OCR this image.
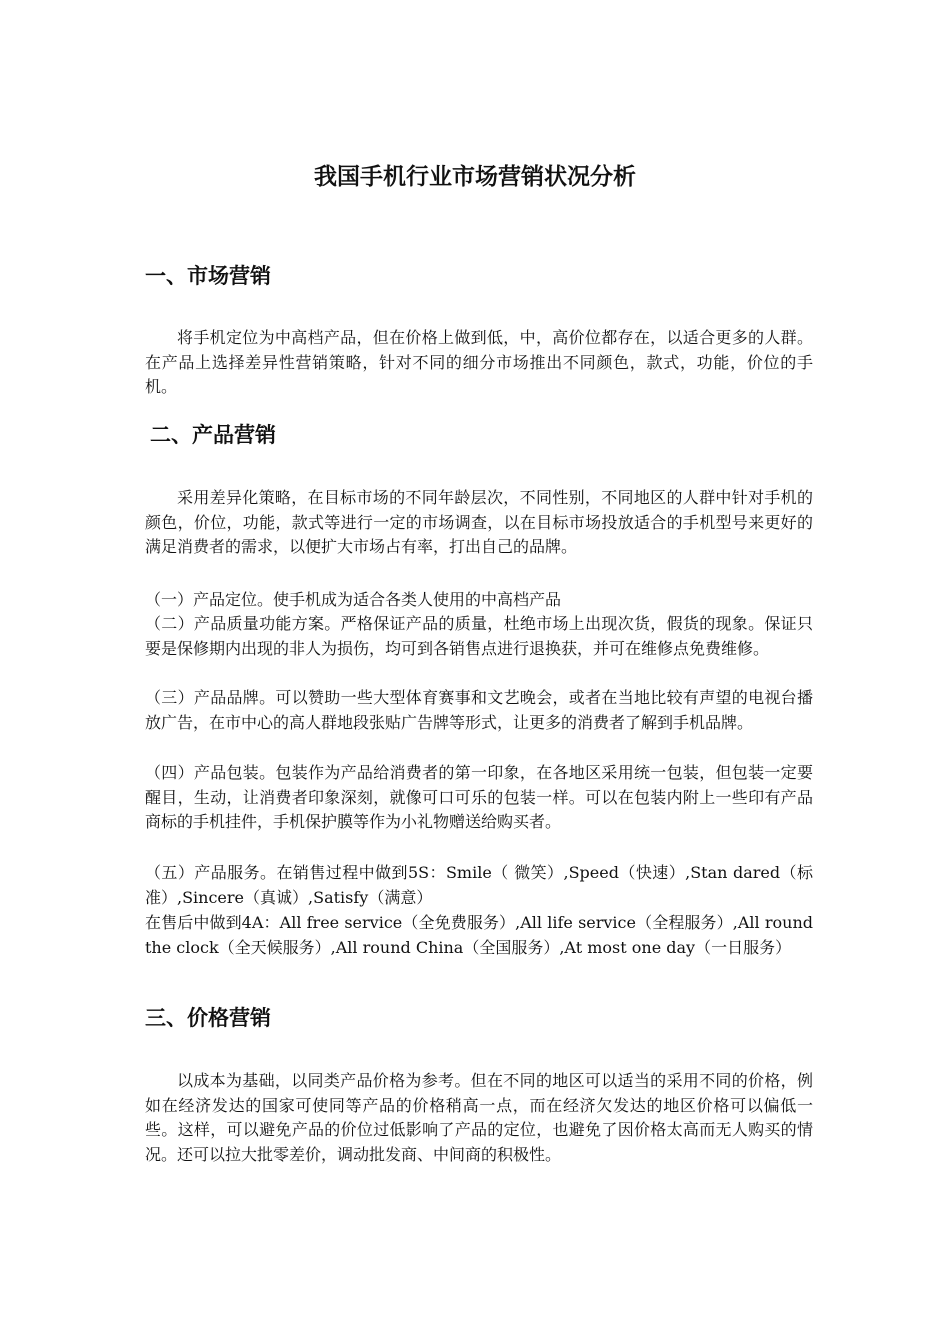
我国手机行业市场营销状况分析
一、市场营销

将手机定位为中高档产品，但在价格上做到低，中，高价位都存在，以适合更多的人群。在产品上选择差异性营销策略，针对不同的细分市场推出不同颜色，款式，功能，价位的手机。

二、产品营销

采用差异化策略，在目标市场的不同年龄层次，不同性别，不同地区的人群中针对手机的颜色，价位，功能，款式等进行一定的市场调查，以在目标市场投放适合的手机型号来更好的满足消费者的需求，以便扩大市场占有率，打出自己的品牌。

（一）产品定位。使手机成为适合各类人使用的中高档产品

（二）产品质量功能方案。严格保证产品的质量，杜绝市场上出现次货，假货的现象。保证只要是保修期内出现的非人为损伤，均可到各销售点进行退换获，并可在维修点免费维修。

（三）产品品牌。可以赞助一些大型体育赛事和文艺晚会，或者在当地比较有声望的电视台播放广告，在市中心的高人群地段张贴广告牌等形式，让更多的消费者了解到手机品牌。

（四）产品包装。包装作为产品给消费者的第一印象，在各地区采用统一包装，但包装一定要醒目，生动，让消费者印象深刻，就像可口可乐的包装一样。可以在包装内附上一些印有产品商标的手机挂件，手机保护膜等作为小礼物赠送给购买者。

（五）产品服务。在销售过程中做到5S：Smile（ 微笑）,Speed（快速）,Stan dared（标准）,Sincere（真诚）,Satisfy（满意）

在售后中做到4A：All free service（全免费服务）,All life service（全程服务）,All round the clock（全天候服务）,All round China（全国服务）,At most one day（一日服务）

三、价格营销

以成本为基础，以同类产品价格为参考。但在不同的地区可以适当的采用不同的价格，例如在经济发达的国家可使同等产品的价格稍高一点，而在经济欠发达的地区价格可以偏低一些。这样，可以避免产品的价位过低影响了产品的定位，也避免了因价格太高而无人购买的情况。还可以拉大批零差价，调动批发商、中间商的积极性。
